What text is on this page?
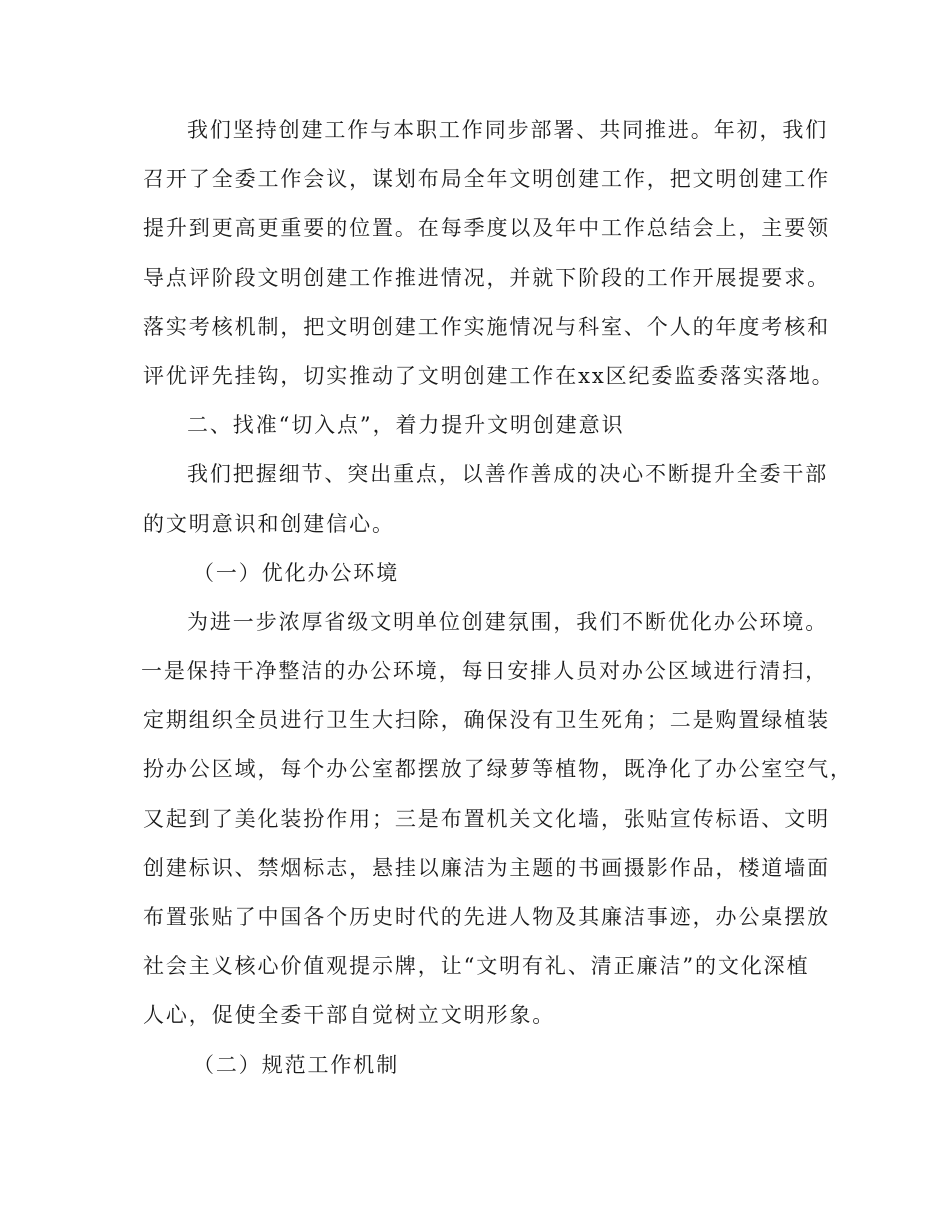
我们坚持创建工作与本职工作同步部署、共同推进。年初，我们
召开了全委工作会议，谋划布局全年文明创建工作，把文明创建工作
提升到更高更重要的位置。在每季度以及年中工作总结会上，主要领
导点评阶段文明创建工作推进情况，并就下阶段的工作开展提要求。
落实考核机制，把文明创建工作实施情况与科室、个人的年度考核和
评优评先挂钩，切实推动了文明创建工作在xx区纪委监委落实落地。
二、找准“切入点”，着力提升文明创建意识
我们把握细节、突出重点，以善作善成的决心不断提升全委干部
的文明意识和创建信心。
（一）优化办公环境
为进一步浓厚省级文明单位创建氛围，我们不断优化办公环境。
一是保持干净整洁的办公环境，每日安排人员对办公区域进行清扫，
定期组织全员进行卫生大扫除，确保没有卫生死角；二是购置绿植装
扮办公区域，每个办公室都摆放了绿萝等植物，既净化了办公室空气，
又起到了美化装扮作用；三是布置机关文化墙，张贴宣传标语、文明
创建标识、禁烟标志，悬挂以廉洁为主题的书画摄影作品，楼道墙面
布置张贴了中国各个历史时代的先进人物及其廉洁事迹，办公桌摆放
社会主义核心价值观提示牌，让“文明有礼、清正廉洁”的文化深植
人心，促使全委干部自觉树立文明形象。
（二）规范工作机制
